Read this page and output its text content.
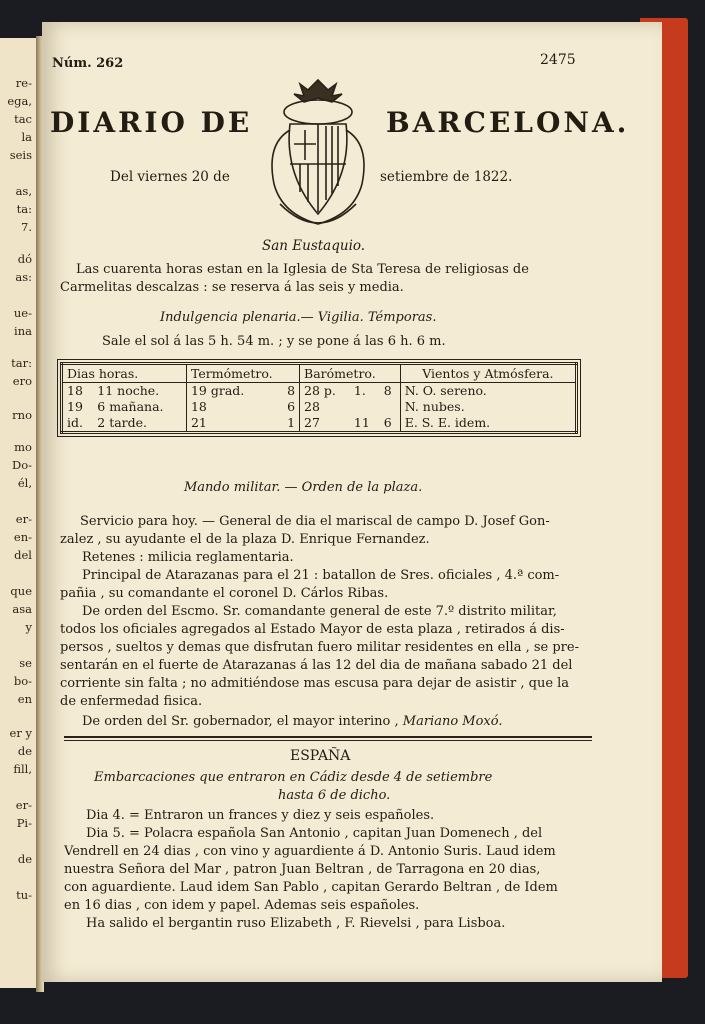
re-
ega,
tac
la
seis
as,
ta:
7.
dó
as:
ue-
ina
tar:
ero
rno
mo
Do-
él,
er-
en-
del
que
asa
y
se
bo-
en
er y
de
fill,
er-
Pi-
de
tu-
Núm. 262	2475
DIARIO DE	BARCELONA.
Del viernes 20 de	setiembre de 1822.
San Eustaquio.
Las cuarenta horas estan en la Iglesia de Sta Teresa de religiosas de
Carmelitas descalzas : se reserva á las seis y media.
Indulgencia plenaria.— Vigilia. Témporas.
Sale el sol á las 5 h. 54 m. ; y se pone á las 6 h. 6 m.
Dias horas.		Termómetro.		Barómetro.			Vientos y Atmósfera.
18	11 noche.	19 grad.	8	28 p.	1.	8	N. O. sereno.
19	6 mañana.	18	6	28			N. nubes.
id.	2 tarde.	21	1	27	11	6	E. S. E. idem.
Mando militar. — Orden de la plaza.
Servicio para hoy. — General de dia el mariscal de campo D. Josef Gon-
zalez , su ayudante el de la plaza D. Enrique Fernandez.
Retenes : milicia reglamentaria.
Principal de Atarazanas para el 21 : batallon de Sres. oficiales , 4.ª com-
pañia , su comandante el coronel D. Cárlos Ribas.
De orden del Escmo. Sr. comandante general de este 7.º distrito militar,
todos los oficiales agregados al Estado Mayor de esta plaza , retirados á dis-
persos , sueltos y demas que disfrutan fuero militar residentes en ella , se pre-
sentarán en el fuerte de Atarazanas á las 12 del dia de mañana sabado 21 del
corriente sin falta ; no admitiéndose mas escusa para dejar de asistir , que la
de enfermedad fisica.
De orden del Sr. gobernador, el mayor interino , Mariano Moxó.
ESPAÑA
Embarcaciones que entraron en Cádiz desde 4 de setiembre
hasta 6 de dicho.
Dia 4. = Entraron un frances y diez y seis españoles.
Dia 5. = Polacra española San Antonio , capitan Juan Domenech , del
Vendrell en 24 dias , con vino y aguardiente á D. Antonio Suris. Laud idem
nuestra Señora del Mar , patron Juan Beltran , de Tarragona en 20 dias,
con aguardiente. Laud idem San Pablo , capitan Gerardo Beltran , de Idem
en 16 dias , con idem y papel. Ademas seis españoles.
Ha salido el bergantin ruso Elizabeth , F. Rievelsi , para Lisboa.
